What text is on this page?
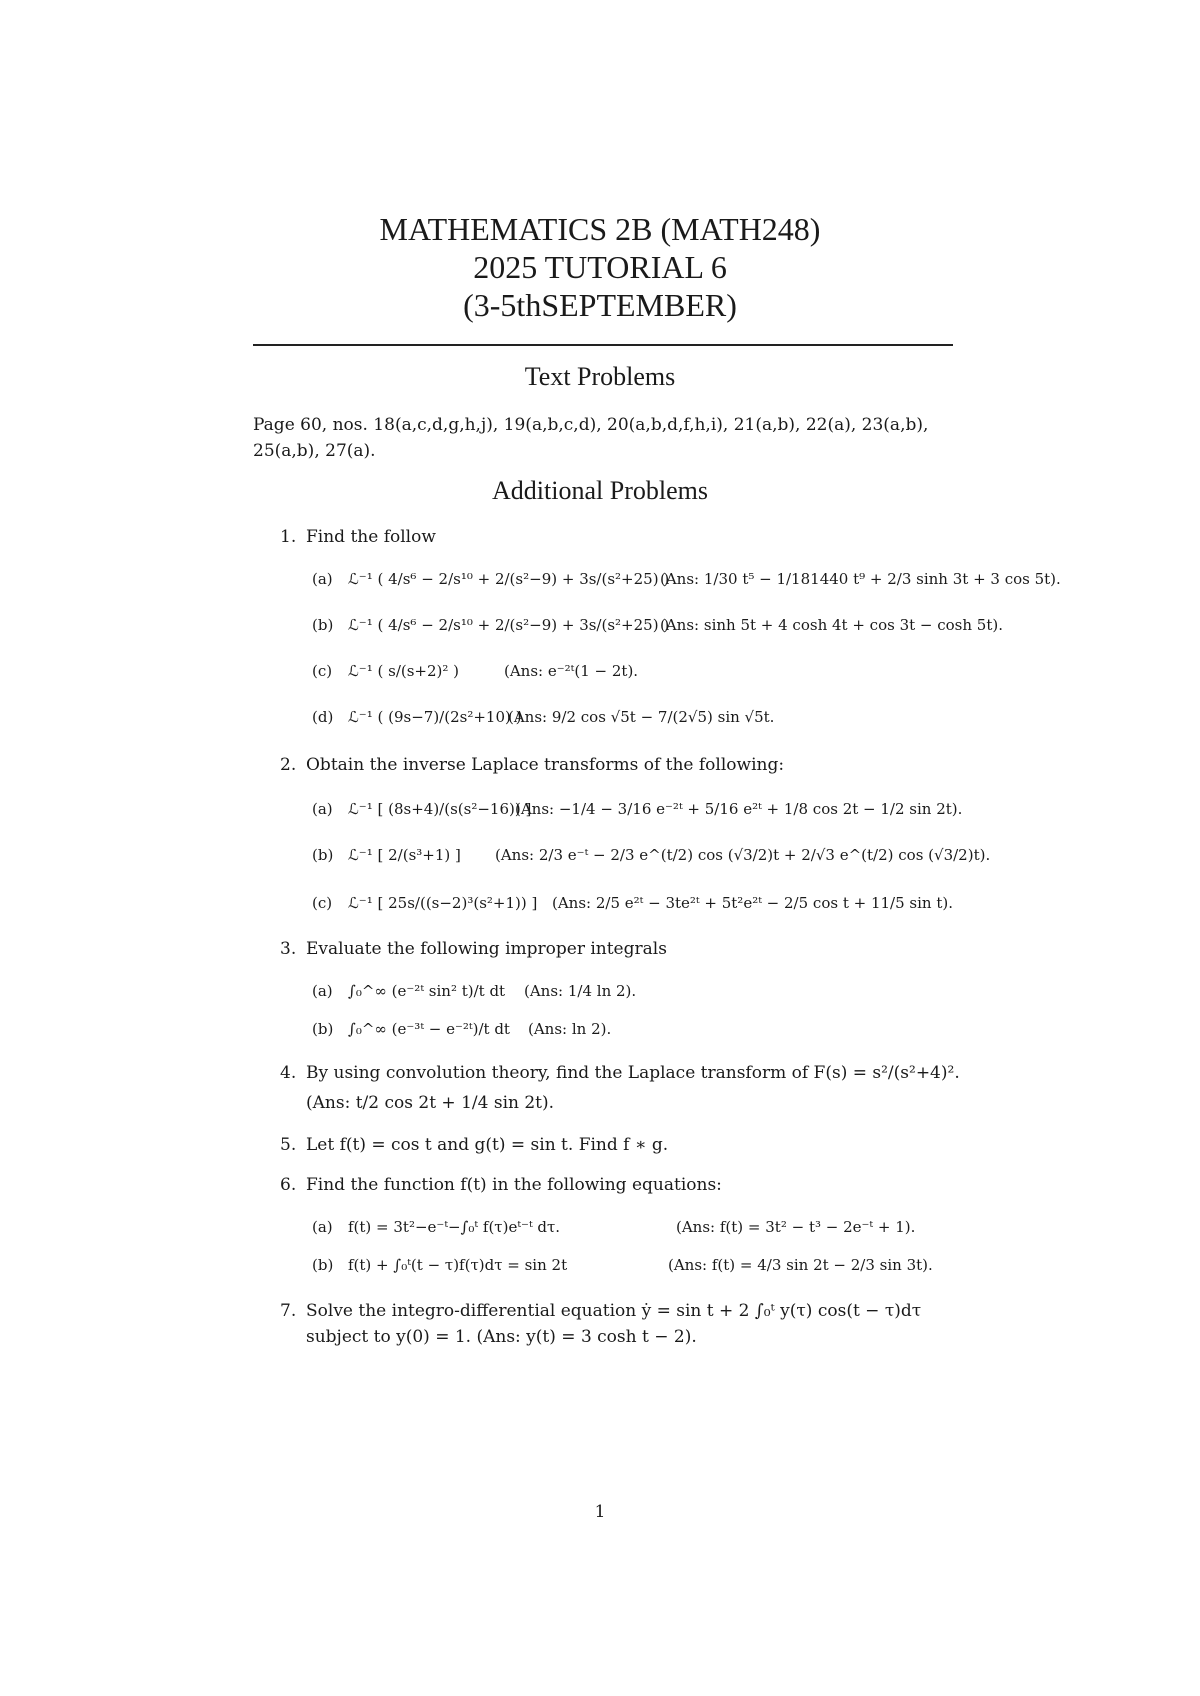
MATHEMATICS 2B (MATH248)
2025 TUTORIAL 6
(3-5thSEPTEMBER)
Text Problems
Page 60, nos. 18(a,c,d,g,h,j), 19(a,b,c,d), 20(a,b,d,f,h,i), 21(a,b), 22(a), 23(a,b), 25(a,b), 27(a).
Additional Problems
1. Find the follow
(a) ℒ⁻¹ ( 4/s⁶ − 2/s¹⁰ + 2/(s²−9) + 3s/(s²+25) )
(Ans: 1/30 t⁵ − 1/181440 t⁹ + 2/3 sinh 3t + 3 cos 5t).
(b) ℒ⁻¹ ( 4/s⁶ − 2/s¹⁰ + 2/(s²−9) + 3s/(s²+25) )
(Ans: sinh 5t + 4 cosh 4t + cos 3t − cosh 5t).
(c) ℒ⁻¹ ( s/(s+2)² )	(Ans: e⁻²ᵗ(1 − 2t).
(d) ℒ⁻¹ ( (9s−7)/(2s²+10) )
(Ans: 9/2 cos √5t − 7/(2√5) sin √5t.
2. Obtain the inverse Laplace transforms of the following:
(a) ℒ⁻¹ [ (8s+4)/(s(s²−16)) ]
(Ans: −1/4 − 3/16 e⁻²ᵗ + 5/16 e²ᵗ + 1/8 cos 2t − 1/2 sin 2t).
(b) ℒ⁻¹ [ 2/(s³+1) ] (Ans: 2/3 e⁻ᵗ − 2/3 e^(t/2) cos (√3/2)t + 2/√3 e^(t/2) cos (√3/2)t).
(c) ℒ⁻¹ [ 25s/((s−2)³(s²+1)) ] (Ans: 2/5 e²ᵗ − 3te²ᵗ + 5t²e²ᵗ − 2/5 cos t + 11/5 sin t).
3. Evaluate the following improper integrals
(a) ∫₀^∞ (e⁻²ᵗ sin² t)/t dt (Ans: 1/4 ln 2).
(b) ∫₀^∞ (e⁻³ᵗ − e⁻²ᵗ)/t dt (Ans: ln 2).
4. By using convolution theory, find the Laplace transform of F(s) = s²/(s²+4)².
(Ans: t/2 cos 2t + 1/4 sin 2t).
5. Let f(t) = cos t and g(t) = sin t. Find f ∗ g.
6. Find the function f(t) in the following equations:
(a) f(t) = 3t²−e⁻ᵗ−∫₀ᵗ f(τ)eᵗ⁻ᵗ dτ.	(Ans: f(t) = 3t² − t³ − 2e⁻ᵗ + 1).
(b) f(t) + ∫₀ᵗ(t − τ)f(τ)dτ = sin 2t	(Ans: f(t) = 4/3 sin 2t − 2/3 sin 3t).
7. Solve the integro-differential equation ẏ = sin t + 2 ∫₀ᵗ y(τ) cos(t − τ)dτ
subject to y(0) = 1. (Ans: y(t) = 3 cosh t − 2).
1
